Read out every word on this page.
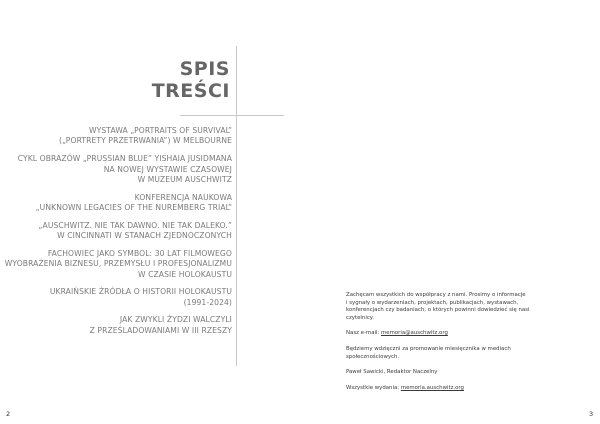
SPIS
TREŚCI
WYSTAWA „PORTRAITS OF SURVIVAL”
(„PORTRETY PRZETRWANIA”) W MELBOURNE
CYKL OBRAZÓW „PRUSSIAN BLUE” YISHAIA JUSIDMANA
NA NOWEJ WYSTAWIE CZASOWEJ
W MUZEUM AUSCHWITZ
KONFERENCJA NAUKOWA
„UNKNOWN LEGACIES OF THE NUREMBERG TRIAL”
„AUSCHWITZ. NIE TAK DAWNO. NIE TAK DALEKO.”
W CINCINNATI W STANACH ZJEDNOCZONYCH
FACHOWIEC JAKO SYMBOL: 30 LAT FILMOWEGO
WYOBRAŻENIA BIZNESU, PRZEMYSŁU I PROFESJONALIZMU
W CZASIE HOLOKAUSTU
UKRAIŃSKIE ŹRÓDŁA O HISTORII HOLOKAUSTU
(1991-2024)
JAK ZWYKLI ŻYDZI WALCZYLI
Z PRZEŚLADOWANIAMI W III RZESZY

Zachęcam wszystkich do współpracy z nami. Prosimy o informacje
i sygnały o wydarzeniach, projektach, publikacjach, wystawach,
konferencjach czy badaniach, o których powinni dowiedzieć się nasi
czytelnicy.

Nasz e-mail: memoria@auschwitz.org

Będziemy wdzięczni za promowanie miesięcznika w mediach
społecznościowych.

Paweł Sawicki, Redaktor Naczelny

Wszystkie wydania: memoria.auschwitz.org

2	3
